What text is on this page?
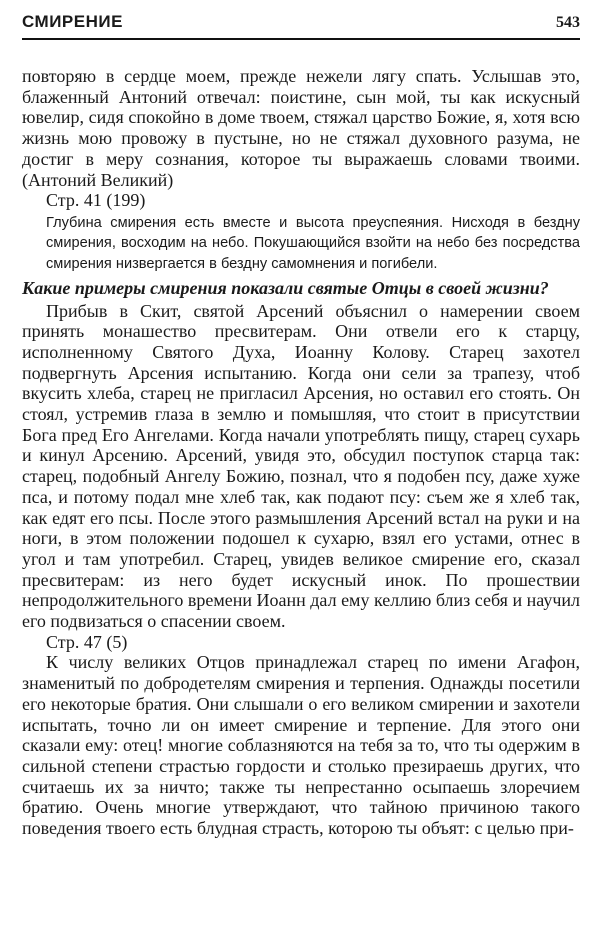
СМИРЕНИЕ	543

повторяю в сердце моем, прежде нежели лягу спать. Услышав это, блаженный Антоний отвечал: поистине, сын мой, ты как искусный ювелир, сидя спокойно в доме твоем, стяжал царство Божие, я, хотя всю жизнь мою провожу в пустыне, но не стяжал духовного разума, не достиг в меру сознания, которое ты выражаешь словами твоими. (Антоний Великий)

Стр. 41 (199)

Глубина смирения есть вместе и высота преуспеяния. Нисходя в бездну смирения, восходим на небо. Покушающийся взойти на небо без посредства смирения низвергается в бездну самомнения и погибели.

Какие примеры смирения показали святые Отцы в своей жизни?

Прибыв в Скит, святой Арсений объяснил о намерении своем принять монашество пресвитерам. Они отвели его к старцу, исполненному Святого Духа, Иоанну Колову. Старец захотел подвергнуть Арсения испытанию. Когда они сели за трапезу, чтоб вкусить хлеба, старец не пригласил Арсения, но оставил его стоять. Он стоял, устремив глаза в землю и помышляя, что стоит в присутствии Бога пред Его Ангелами. Когда начали употреблять пищу, старец сухарь и кинул Арсению. Арсений, увидя это, обсудил поступок старца так: старец, подобный Ангелу Божию, познал, что я подобен псу, даже хуже пса, и потому подал мне хлеб так, как подают псу: съем же я хлеб так, как едят его псы. После этого размышления Арсений встал на руки и на ноги, в этом положении подошел к сухарю, взял его устами, отнес в угол и там употребил. Старец, увидев великое смирение его, сказал пресвитерам: из него будет искусный инок. По прошествии непродолжительного времени Иоанн дал ему келлию близ себя и научил его подвизаться о спасении своем.

Стр. 47 (5)

К числу великих Отцов принадлежал старец по имени Агафон, знаменитый по добродетелям смирения и терпения. Однажды посетили его некоторые братия. Они слышали о его великом смирении и захотели испытать, точно ли он имеет смирение и терпение. Для этого они сказали ему: отец! многие соблазняются на тебя за то, что ты одержим в сильной степени страстью гордости и столько презираешь других, что считаешь их за ничто; также ты непрестанно осыпаешь злоречием братию. Очень многие утверждают, что тайною причиною такого поведения твоего есть блудная страсть, которою ты объят: с целью при-
